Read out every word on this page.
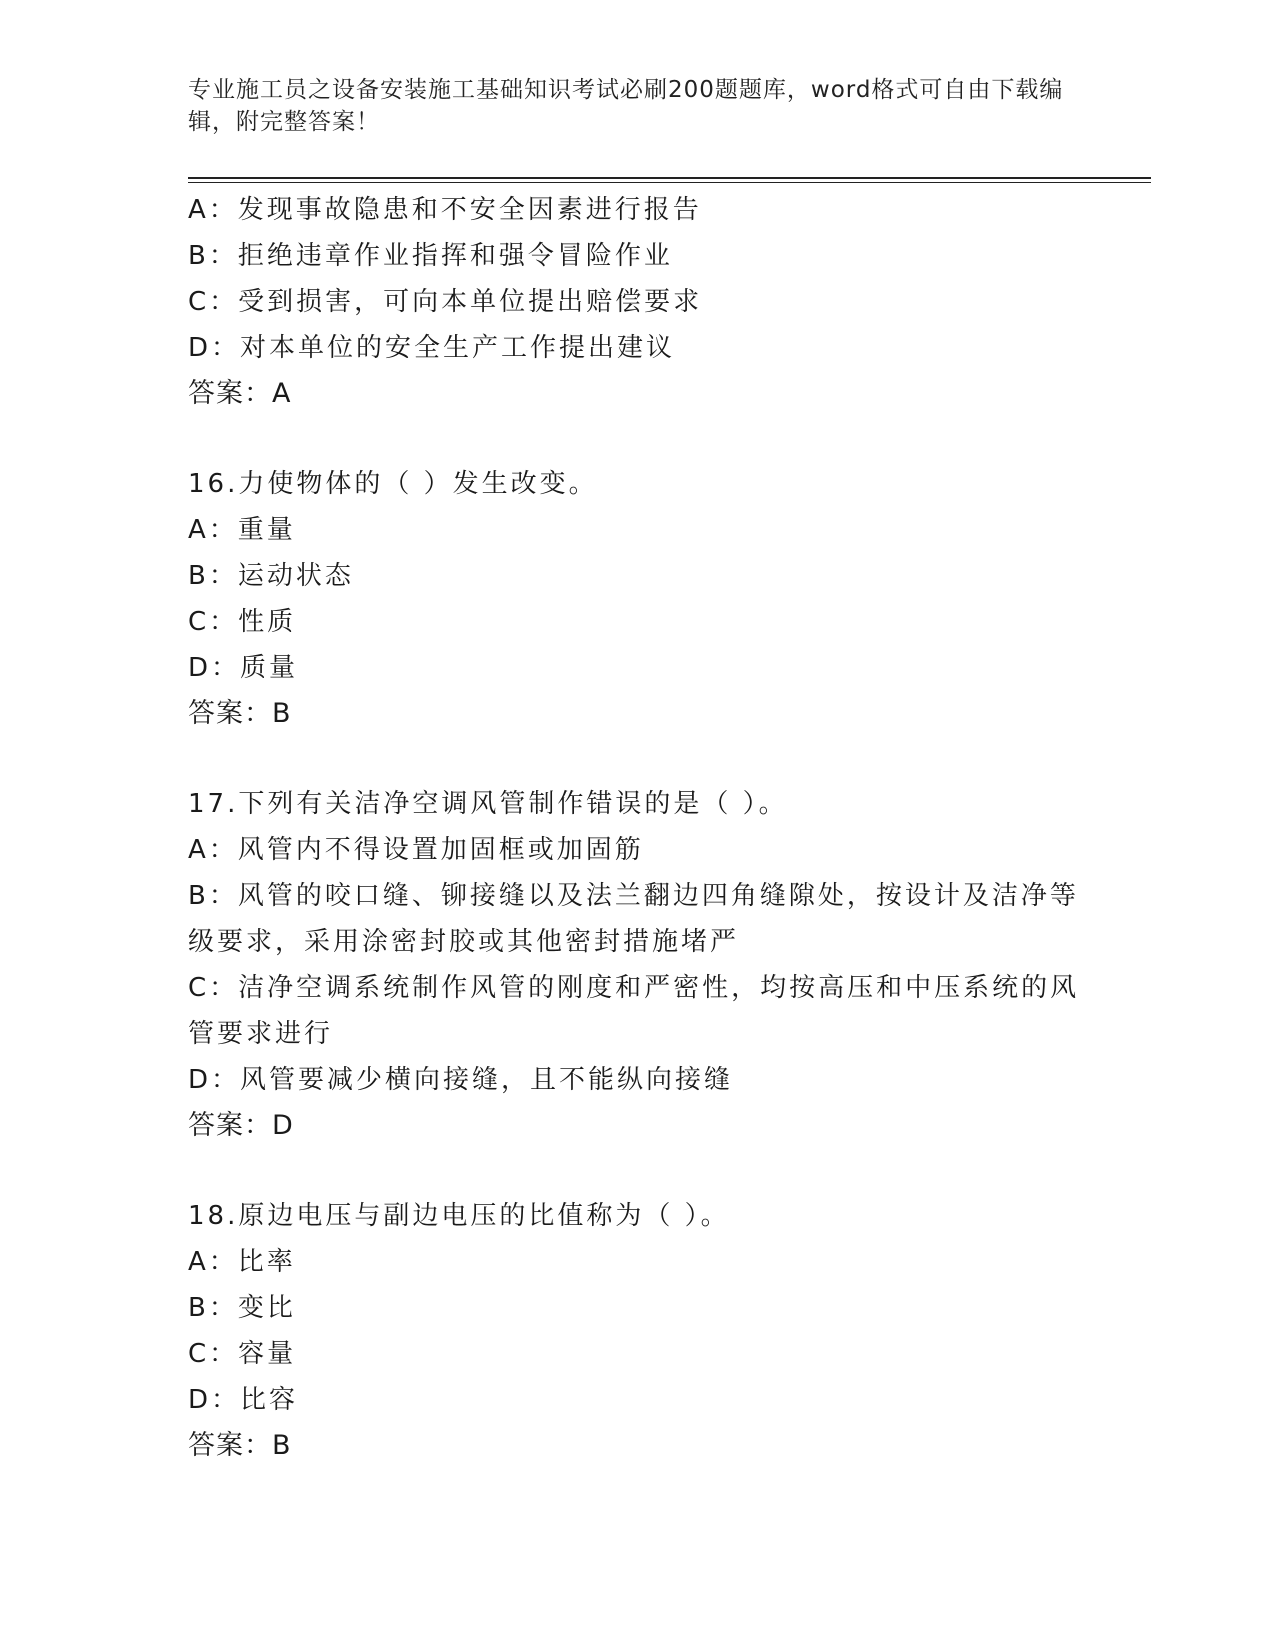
专业施工员之设备安装施工基础知识考试必刷200题题库，word格式可自由下载编辑，附完整答案！
A：发现事故隐患和不安全因素进行报告
B：拒绝违章作业指挥和强令冒险作业
C：受到损害，可向本单位提出赔偿要求
D：对本单位的安全生产工作提出建议
答案：A
16.力使物体的（ ）发生改变。
A：重量
B：运动状态
C：性质
D：质量
答案：B
17.下列有关洁净空调风管制作错误的是（ ）。
A：风管内不得设置加固框或加固筋
B：风管的咬口缝、铆接缝以及法兰翻边四角缝隙处，按设计及洁净等级要求，采用涂密封胶或其他密封措施堵严
C：洁净空调系统制作风管的刚度和严密性，均按高压和中压系统的风管要求进行
D：风管要减少横向接缝，且不能纵向接缝
答案：D
18.原边电压与副边电压的比值称为（ ）。
A：比率
B：变比
C：容量
D：比容
答案：B
